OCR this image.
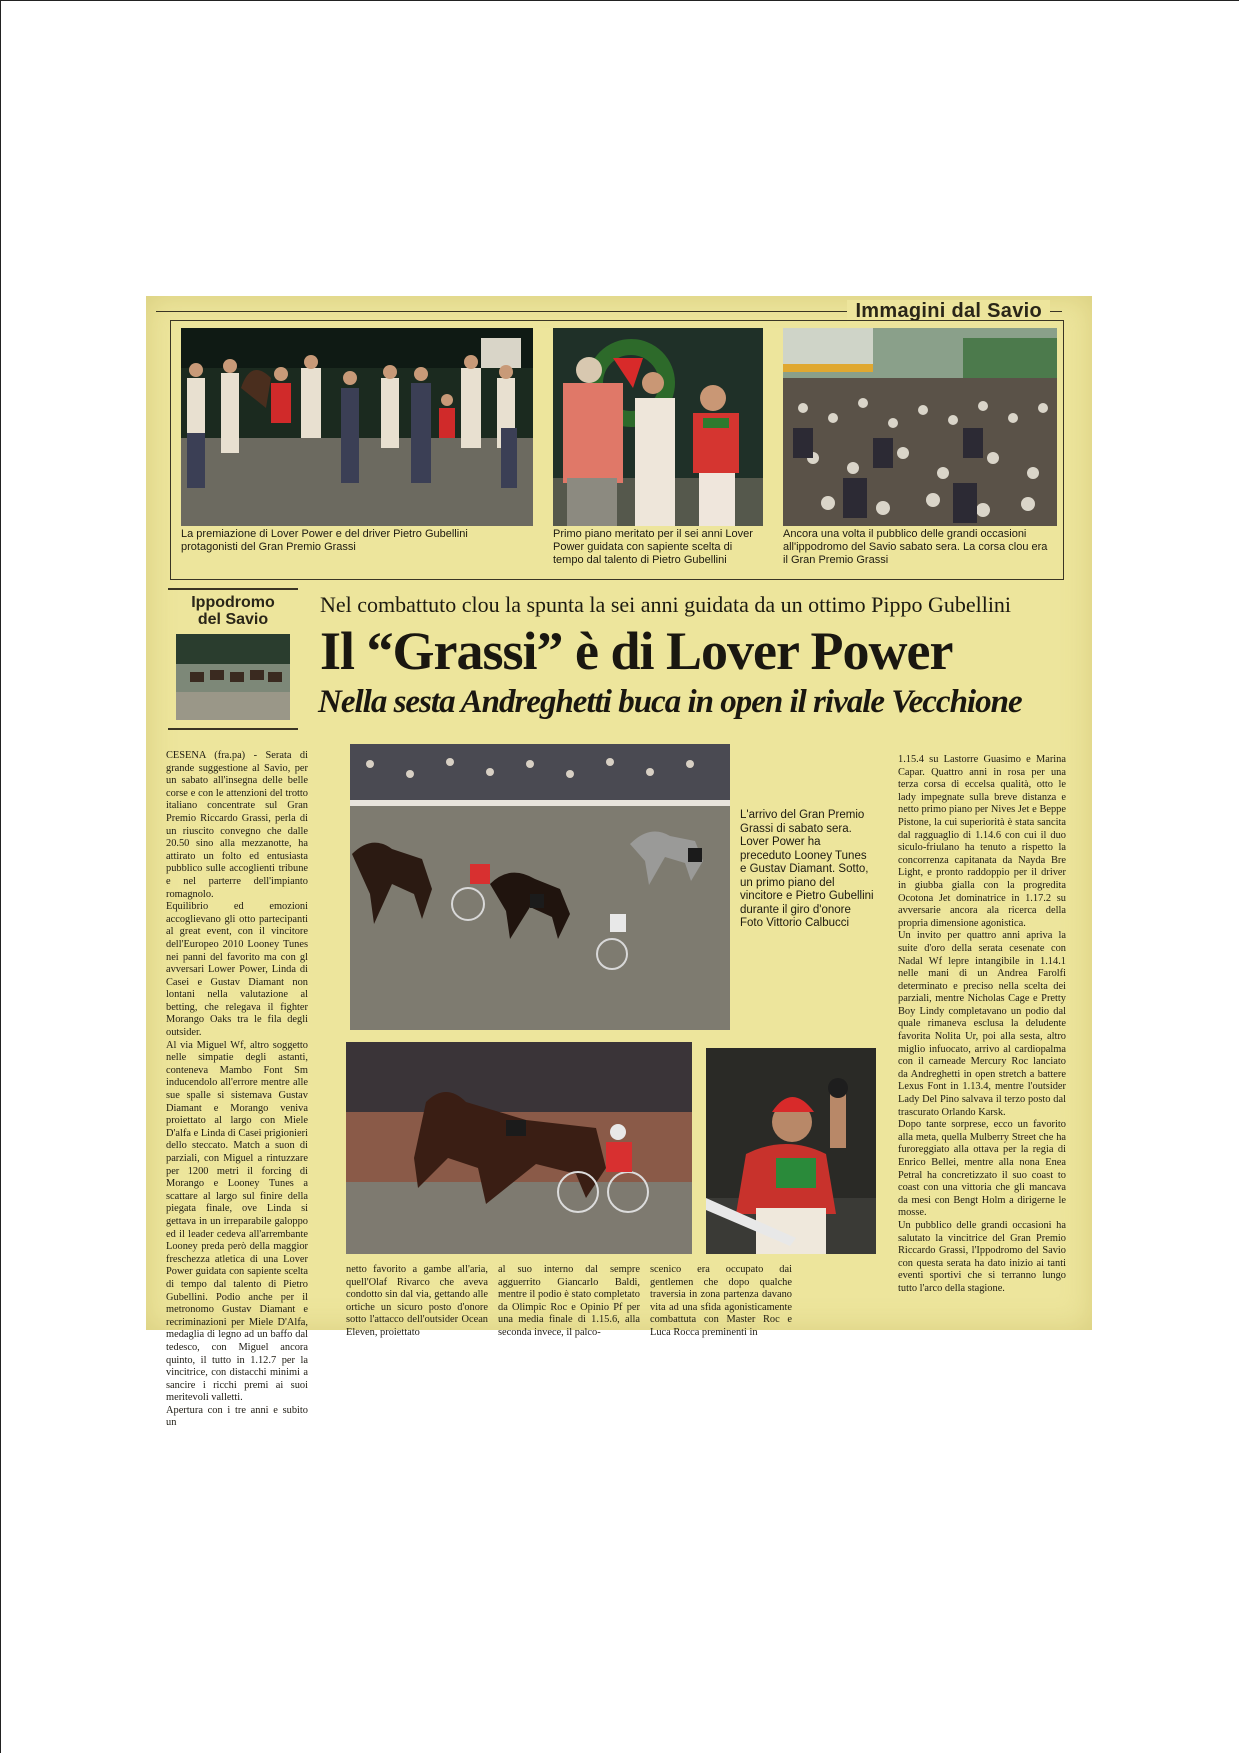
Immagini dal Savio
La premiazione di Lover Power e del driver Pietro Gubellini protagonisti del Gran Premio Grassi
Primo piano meritato per il sei anni Lover Power guidata con sapiente scelta di tempo dal talento di Pietro Gubellini
Ancora una volta il pubblico delle grandi occasioni all'ippodromo del Savio sabato sera. La corsa clou era il Gran Premio Grassi
Ippodromo
del Savio
Nel combattuto clou la spunta la sei anni guidata da un ottimo Pippo Gubellini
Il “Grassi” è di Lover Power
Nella sesta Andreghetti buca in open il rivale Vecchione

CESENA (fra.pa) - Serata di grande suggestione al Savio, per un sabato all'insegna delle belle corse e con le attenzioni del trotto italiano concentrate sul Gran Premio Riccardo Grassi, perla di un riuscito convegno che dalle 20.50 sino alla mezzanotte, ha attirato un folto ed entusiasta pubblico sulle accoglienti tribune e nel parterre dell'impianto romagnolo.

Equilibrio ed emozioni accoglievano gli otto partecipanti al great event, con il vincitore dell'Europeo 2010 Looney Tunes nei panni del favorito ma con gl avversari Lower Power, Linda di Casei e Gustav Diamant non lontani nella valutazione al betting, che relegava il fighter Morango Oaks tra le fila degli outsider.

Al via Miguel Wf, altro soggetto nelle simpatie degli astanti, conteneva Mambo Font Sm inducendolo all'errore mentre alle sue spalle si sistemava Gustav Diamant e Morango veniva proiettato al largo con Miele D'alfa e Linda di Casei prigionieri dello steccato. Match a suon di parziali, con Miguel a rintuzzare per 1200 metri il forcing di Morango e Looney Tunes a scattare al largo sul finire della piegata finale, ove Linda si gettava in un irreparabile galoppo ed il leader cedeva all'arrembante Looney preda però della maggior freschezza atletica di una Lover Power guidata con sapiente scelta di tempo dal talento di Pietro Gubellini. Podio anche per il metronomo Gustav Diamant e recriminazioni per Miele D'Alfa, medaglia di legno ad un baffo dal tedesco, con Miguel ancora quinto, il tutto in 1.12.7 per la vincitrice, con distacchi minimi a sancire i ricchi premi ai suoi meritevoli valletti.

Apertura con i tre anni e subito un

L'arrivo del Gran Premio Grassi di sabato sera. Lover Power ha preceduto Looney Tunes e Gustav Diamant. Sotto, un primo piano del vincitore e Pietro Gubellini durante il giro d'onore
Foto Vittorio Calbucci
netto favorito a gambe all'aria, quell'Olaf Rivarco che aveva condotto sin dal via, gettando alle ortiche un sicuro posto d'onore sotto l'attacco dell'outsider Ocean Eleven, proiettato
al suo interno dal sempre agguerrito Giancarlo Baldi, mentre il podio è stato completato da Olimpic Roc e Opinio Pf per una media finale di 1.15.6, alla seconda invece, il palco-
scenico era occupato dai gentlemen che dopo qualche traversia in zona partenza davano vita ad una sfida agonisticamente combattuta con Master Roc e Luca Rocca preminenti in

1.15.4 su Lastorre Guasimo e Marina Capar. Quattro anni in rosa per una terza corsa di eccelsa qualità, otto le lady impegnate sulla breve distanza e netto primo piano per Nives Jet e Beppe Pistone, la cui superiorità è stata sancita dal ragguaglio di 1.14.6 con cui il duo siculo-friulano ha tenuto a rispetto la concorrenza capitanata da Nayda Bre Light, e pronto raddoppio per il driver in giubba gialla con la progredita Ocotona Jet dominatrice in 1.17.2 su avversarie ancora ala ricerca della propria dimensione agonistica.

Un invito per quattro anni apriva la suite d'oro della serata cesenate con Nadal Wf lepre intangibile in 1.14.1 nelle mani di un Andrea Farolfi determinato e preciso nella scelta dei parziali, mentre Nicholas Cage e Pretty Boy Lindy completavano un podio dal quale rimaneva esclusa la deludente favorita Nolita Ur, poi alla sesta, altro miglio infuocato, arrivo al cardiopalma con il carneade Mercury Roc lanciato da Andreghetti in open stretch a battere Lexus Font in 1.13.4, mentre l'outsider Lady Del Pino salvava il terzo posto dal trascurato Orlando Karsk.

Dopo tante sorprese, ecco un favorito alla meta, quella Mulberry Street che ha furoreggiato alla ottava per la regia di Enrico Bellei, mentre alla nona Enea Petral ha concretizzato il suo coast to coast con una vittoria che gli mancava da mesi con Bengt Holm a dirigerne le mosse.

Un pubblico delle grandi occasioni ha salutato la vincitrice del Gran Premio Riccardo Grassi, l'Ippodromo del Savio con questa serata ha dato inizio ai tanti eventi sportivi che si terranno lungo tutto l'arco della stagione.
